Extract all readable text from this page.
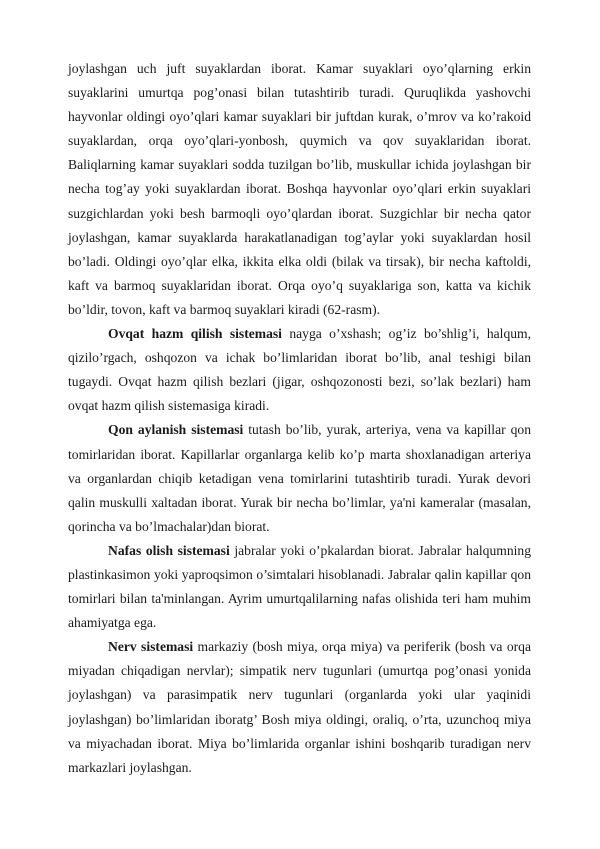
joylashgan uch juft suyaklardan iborat. Kamar suyaklari oyo’qlarning erkin suyaklarini umurtqa pog’onasi bilan tutashtirib turadi. Quruqlikda yashovchi hayvonlar oldingi oyo’qlari kamar suyaklari bir juftdan kurak, o’mrov va ko’rakoid suyaklardan, orqa oyo’qlari-yonbosh, quymich va qov suyaklaridan iborat. Baliqlarning kamar suyaklari sodda tuzilgan bo’lib, muskullar ichida joylashgan bir necha tog’ay yoki suyaklardan iborat. Boshqa hayvonlar oyo’qlari erkin suyaklari suzgichlardan yoki besh barmoqli oyo’qlardan iborat. Suzgichlar bir necha qator joylashgan, kamar suyaklarda harakatlanadigan tog’aylar yoki suyaklardan hosil bo’ladi. Oldingi oyo’qlar elka, ikkita elka oldi (bilak va tirsak), bir necha kaftoldi, kaft va barmoq suyaklaridan iborat. Orqa oyo’q suyaklariga son, katta va kichik bo’ldir, tovon, kaft va barmoq suyaklari kiradi (62-rasm).

Ovqat hazm qilish sistemasi nayga o’xshash; og’iz bo’shlig’i, halqum, qizilo’rgach, oshqozon va ichak bo’limlaridan iborat bo’lib, anal teshigi bilan tugaydi. Ovqat hazm qilish bezlari (jigar, oshqozonosti bezi, so’lak bezlari) ham ovqat hazm qilish sistemasiga kiradi.

Qon aylanish sistemasi tutash bo’lib, yurak, arteriya, vena va kapillar qon tomirlaridan iborat. Kapillarlar organlarga kelib ko’p marta shoxlanadigan arteriya va organlardan chiqib ketadigan vena tomirlarini tutashtirib turadi. Yurak devori qalin muskulli xaltadan iborat. Yurak bir necha bo’limlar, ya'ni kameralar (masalan, qorincha va bo’lmachalar)dan biorat.

Nafas olish sistemasi jabralar yoki o’pkalardan biorat. Jabralar halqumning plastinkasimon yoki yaproqsimon o’simtalari hisoblanadi. Jabralar qalin kapillar qon tomirlari bilan ta'minlangan. Ayrim umurtqalilarning nafas olishida teri ham muhim ahamiyatga ega.

Nerv sistemasi markaziy (bosh miya, orqa miya) va periferik (bosh va orqa miyadan chiqadigan nervlar); simpatik nerv tugunlari (umurtqa pog’onasi yonida joylashgan) va parasimpatik nerv tugunlari (organlarda yoki ular yaqinidi joylashgan) bo’limlaridan iboratg’ Bosh miya oldingi, oraliq, o’rta, uzunchoq miya va miyachadan iborat. Miya bo’limlarida organlar ishini boshqarib turadigan nerv markazlari joylashgan.
